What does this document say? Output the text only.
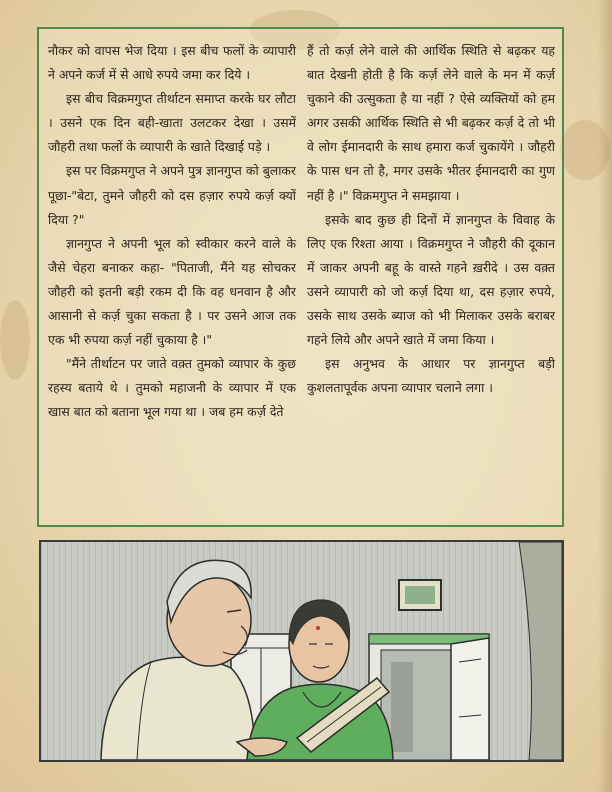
नौकर को वापस भेज दिया । इस बीच फलों के व्यापारी ने अपने कर्ज में से आधे रुपये जमा कर दिये ।

इस बीच विक्रमगुप्त तीर्थाटन समाप्त करके घर लौटा । उसने एक दिन बही-खाता उलटकर देखा । उसमें जौहरी तथा फलों के व्यापारी के खाते दिखाई पड़े ।

इस पर विक्रमगुप्त ने अपने पुत्र ज्ञानगुप्त को बुलाकर पूछा-"बेटा, तुमने जौहरी को दस हज़ार रुपये कर्ज़ क्यों दिया ?"

ज्ञानगुप्त ने अपनी भूल को स्वीकार करने वाले के जैसे चेहरा बनाकर कहा- "पिताजी, मैंने यह सोचकर जौहरी को इतनी बड़ी रकम दी कि वह धनवान है और आसानी से कर्ज़ चुका सकता है । पर उसने आज तक एक भी रुपया कर्ज़ नहीं चुकाया है ।"

"मैंने तीर्थाटन पर जाते वक़्त तुमको व्यापार के कुछ रहस्य बताये थे । तुमको महाजनी के व्यापार में एक खास बात को बताना भूल गया था । जब हम कर्ज़ देते

हैं तो कर्ज़ लेने वाले की आर्थिक स्थिति से बढ़कर यह बात देखनी होती है कि कर्ज़ लेने वाले के मन में कर्ज़ चुकाने की उत्सुकता है या नहीं ? ऐसे व्यक्तियों को हम अगर उसकी आर्थिक स्थिति से भी बढ़कर कर्ज़ दे तो भी वे लोग ईमानदारी के साथ हमारा कर्ज चुकायेंगे । जौहरी के पास धन तो है, मगर उसके भीतर ईमानदारी का गुण नहीं है ।" विक्रमगुप्त ने समझाया ।

इसके बाद कुछ ही दिनों में ज्ञानगुप्त के विवाह के लिए एक रिश्ता आया । विक्रमगुप्त ने जौहरी की दूकान में जाकर अपनी बहू के वास्ते गहने ख़रीदे । उस वक़्त उसने व्यापारी को जो कर्ज़ दिया था, दस हज़ार रुपये, उसके साथ उसके ब्याज को भी मिलाकर उसके बराबर गहने लिये और अपने खाते में जमा किया ।

इस अनुभव के आधार पर ज्ञानगुप्त बड़ी कुशलतापूर्वक अपना व्यापार चलाने लगा ।
